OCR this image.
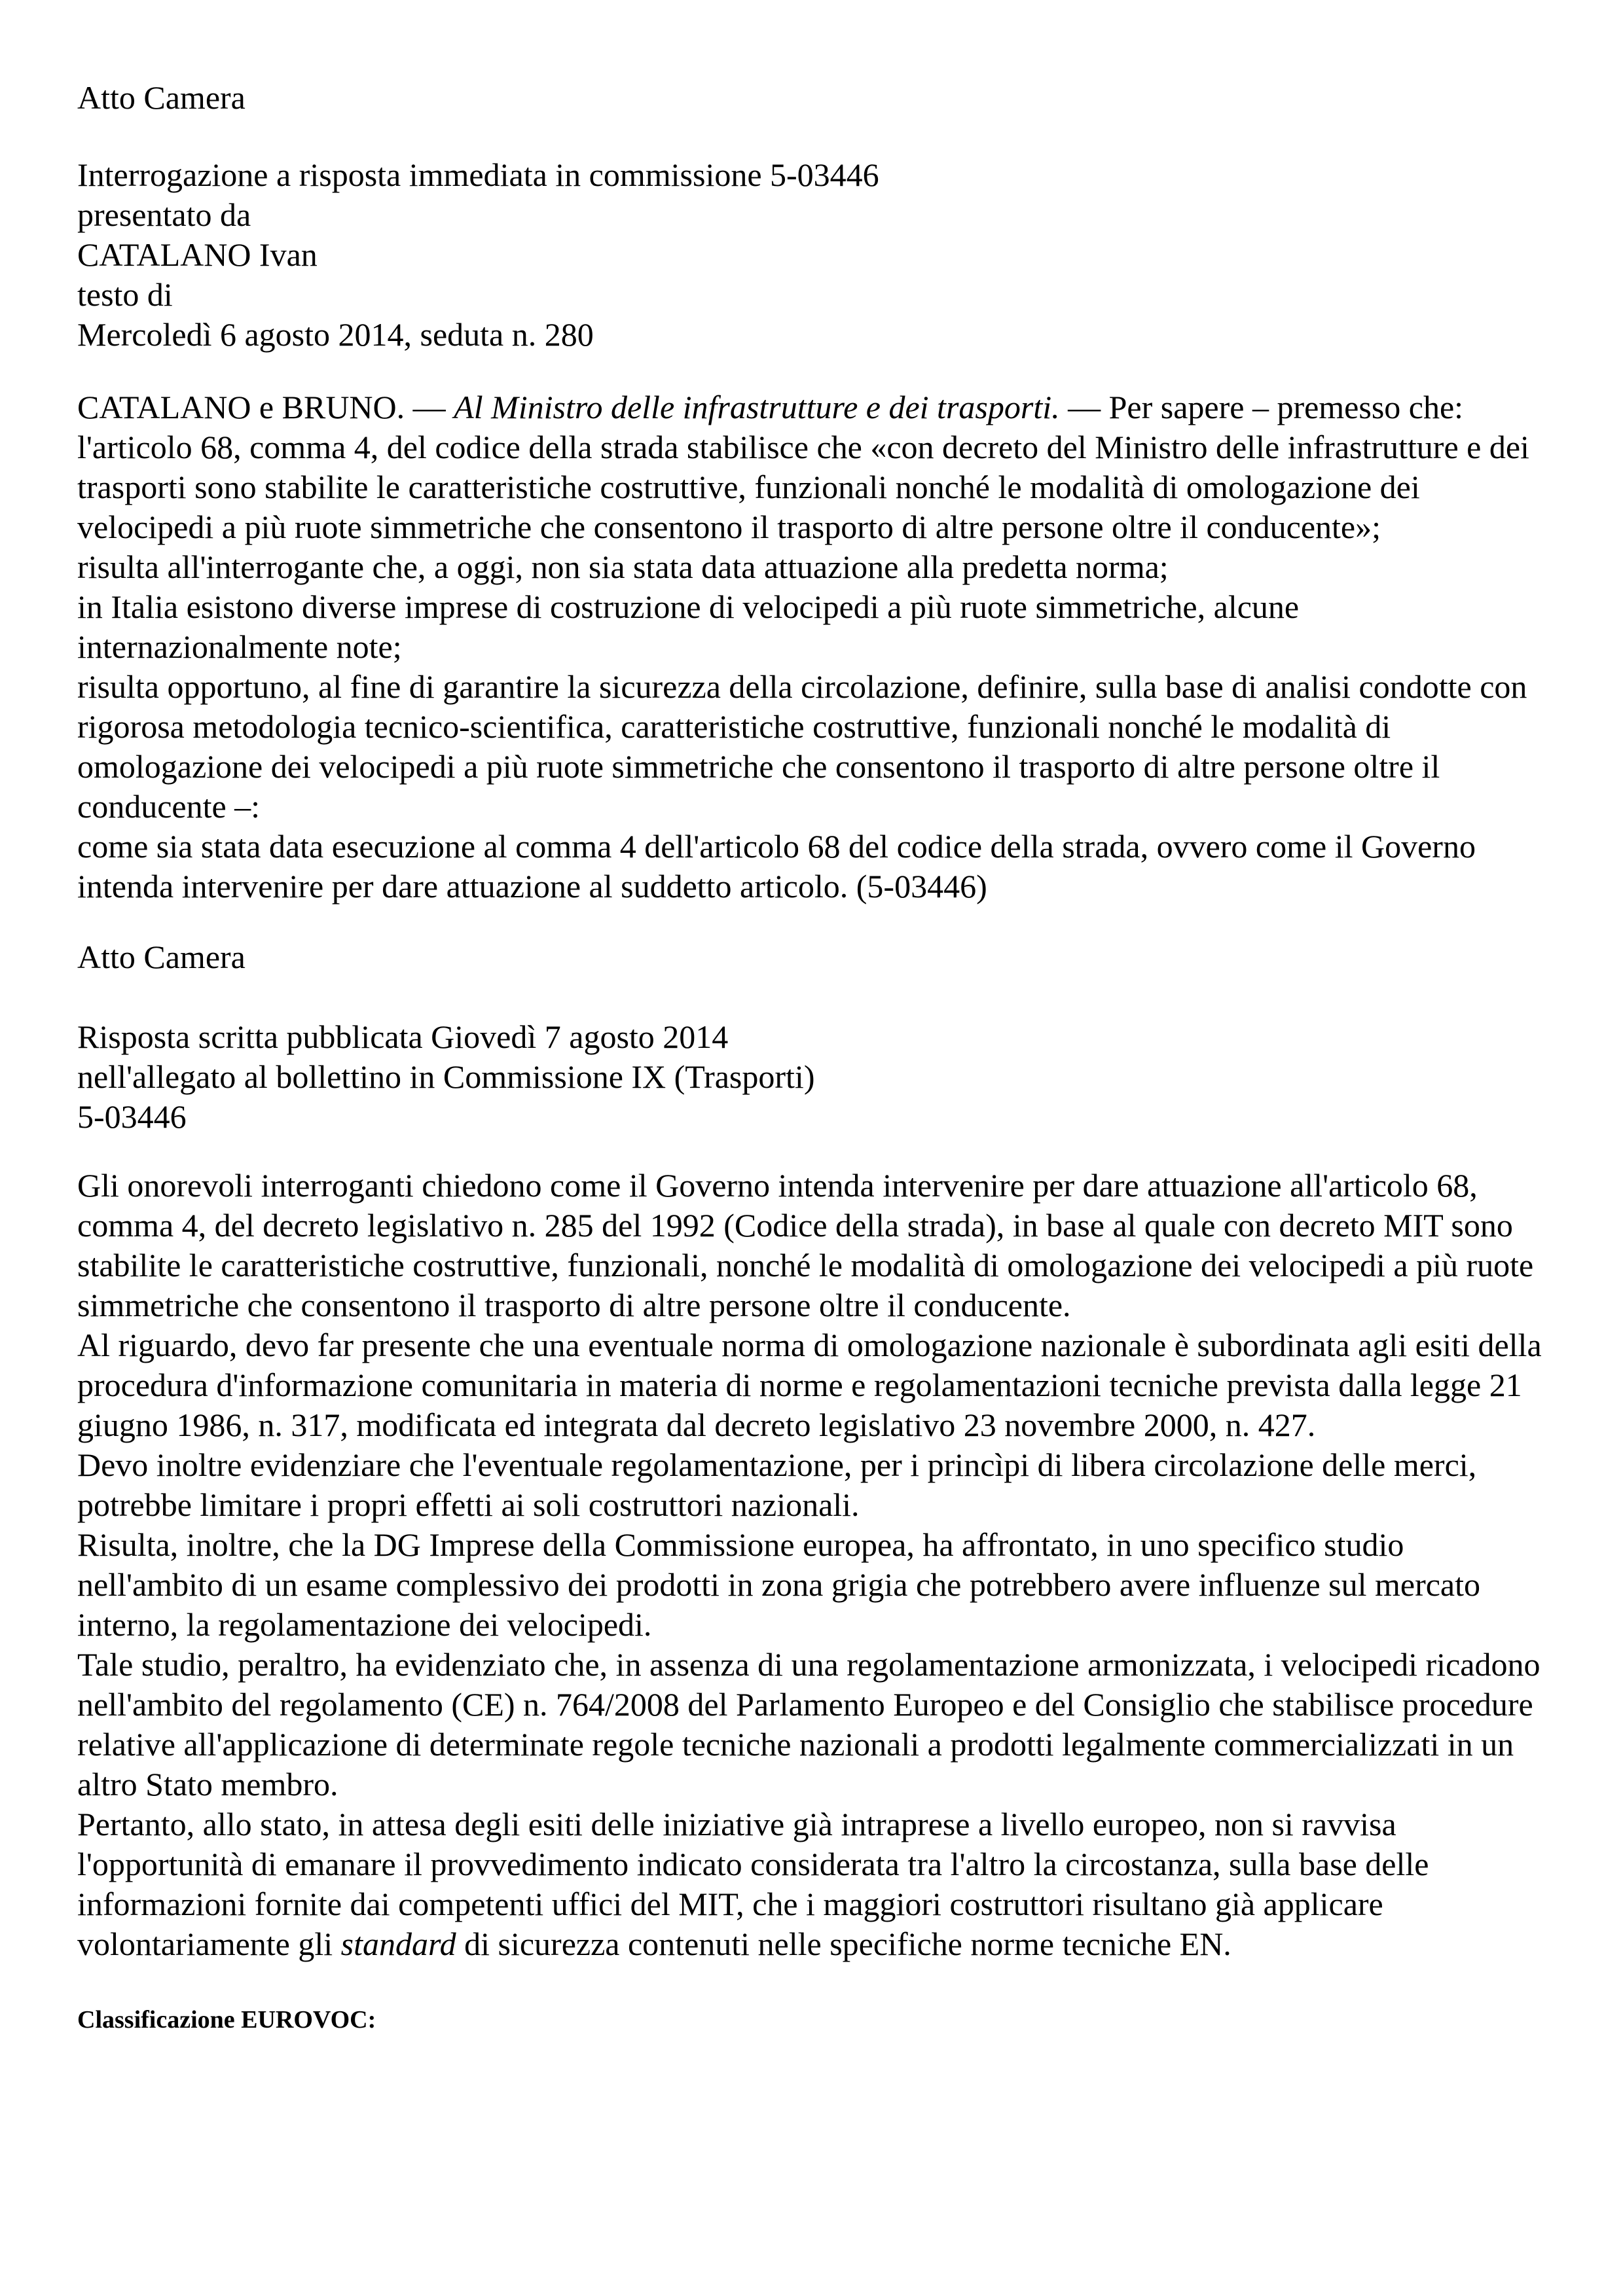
Atto Camera

Interrogazione a risposta immediata in commissione 5-03446

presentato da

CATALANO Ivan

testo di

Mercoledì 6 agosto 2014, seduta n. 280

CATALANO e BRUNO. — Al Ministro delle infrastrutture e dei trasporti. — Per sapere – premesso che:

l'articolo 68, comma 4, del codice della strada stabilisce che «con decreto del Ministro delle infrastrutture e dei trasporti sono stabilite le caratteristiche costruttive, funzionali nonché le modalità di omologazione dei velocipedi a più ruote simmetriche che consentono il trasporto di altre persone oltre il conducente»;

risulta all'interrogante che, a oggi, non sia stata data attuazione alla predetta norma;

in Italia esistono diverse imprese di costruzione di velocipedi a più ruote simmetriche, alcune internazionalmente note;

risulta opportuno, al fine di garantire la sicurezza della circolazione, definire, sulla base di analisi condotte con rigorosa metodologia tecnico-scientifica, caratteristiche costruttive, funzionali nonché le modalità di omologazione dei velocipedi a più ruote simmetriche che consentono il trasporto di altre persone oltre il conducente –:

come sia stata data esecuzione al comma 4 dell'articolo 68 del codice della strada, ovvero come il Governo intenda intervenire per dare attuazione al suddetto articolo. (5-03446)

Atto Camera

Risposta scritta pubblicata Giovedì 7 agosto 2014

nell'allegato al bollettino in Commissione IX (Trasporti)

5-03446

Gli onorevoli interroganti chiedono come il Governo intenda intervenire per dare attuazione all'articolo 68, comma 4, del decreto legislativo n. 285 del 1992 (Codice della strada), in base al quale con decreto MIT sono stabilite le caratteristiche costruttive, funzionali, nonché le modalità di omologazione dei velocipedi a più ruote simmetriche che consentono il trasporto di altre persone oltre il conducente.

Al riguardo, devo far presente che una eventuale norma di omologazione nazionale è subordinata agli esiti della procedura d'informazione comunitaria in materia di norme e regolamentazioni tecniche prevista dalla legge 21 giugno 1986, n. 317, modificata ed integrata dal decreto legislativo 23 novembre 2000, n. 427.

Devo inoltre evidenziare che l'eventuale regolamentazione, per i princìpi di libera circolazione delle merci, potrebbe limitare i propri effetti ai soli costruttori nazionali.

Risulta, inoltre, che la DG Imprese della Commissione europea, ha affrontato, in uno specifico studio nell'ambito di un esame complessivo dei prodotti in zona grigia che potrebbero avere influenze sul mercato interno, la regolamentazione dei velocipedi.

Tale studio, peraltro, ha evidenziato che, in assenza di una regolamentazione armonizzata, i velocipedi ricadono nell'ambito del regolamento (CE) n. 764/2008 del Parlamento Europeo e del Consiglio che stabilisce procedure relative all'applicazione di determinate regole tecniche nazionali a prodotti legalmente commercializzati in un altro Stato membro.

Pertanto, allo stato, in attesa degli esiti delle iniziative già intraprese a livello europeo, non si ravvisa l'opportunità di emanare il provvedimento indicato considerata tra l'altro la circostanza, sulla base delle informazioni fornite dai competenti uffici del MIT, che i maggiori costruttori risultano già applicare volontariamente gli standard di sicurezza contenuti nelle specifiche norme tecniche EN.

Classificazione EUROVOC:
